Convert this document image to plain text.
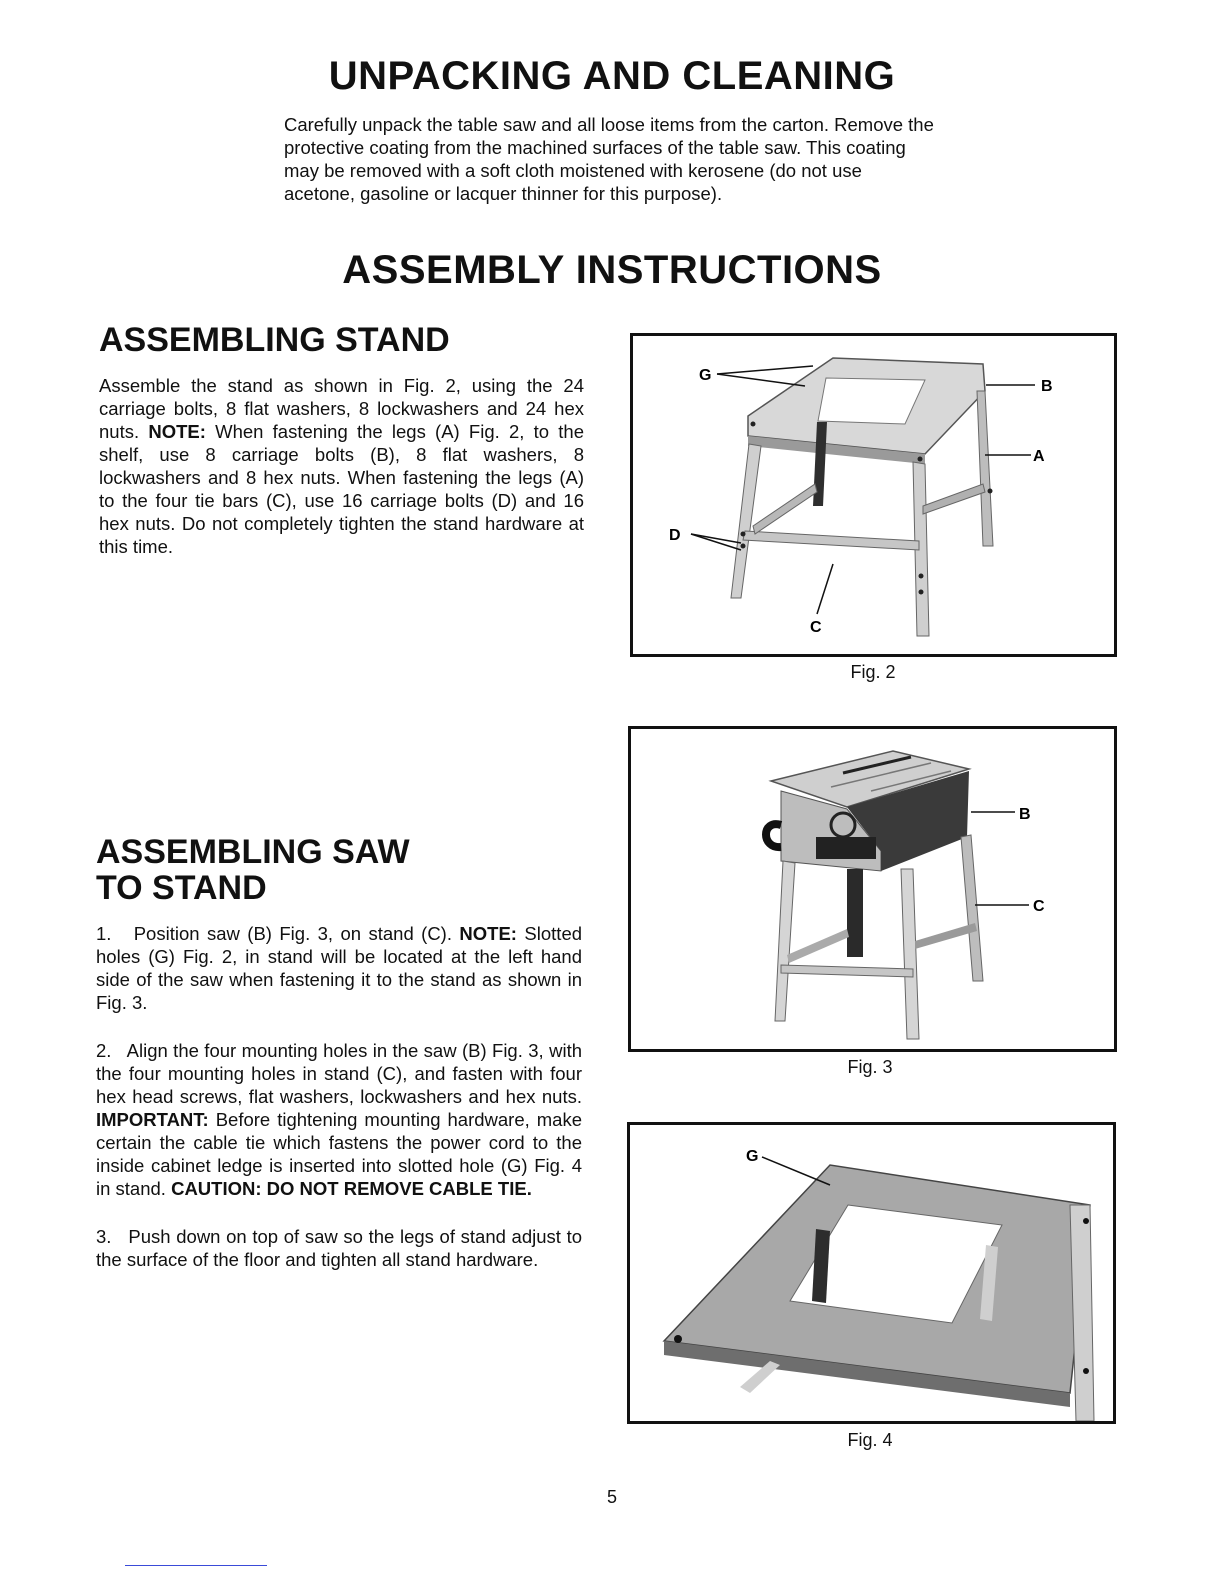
UNPACKING AND CLEANING

Carefully unpack the table saw and all loose items from the carton. Remove the protective coating from the machined surfaces of the table saw. This coating may be removed with a soft cloth moistened with kerosene (do not use acetone, gasoline or lacquer thinner for this purpose).

ASSEMBLY INSTRUCTIONS
ASSEMBLING STAND

Assemble the stand as shown in Fig. 2, using the 24 carriage bolts, 8 flat washers, 8 lockwashers and 24 hex nuts. NOTE: When fastening the legs (A) Fig. 2, to the shelf, use 8 carriage bolts (B), 8 flat washers, 8 lockwashers and 8 hex nuts. When fastening the legs (A) to the four tie bars (C), use 16 carriage bolts (D) and 16 hex nuts. Do not completely tighten the stand hardware at this time.

ASSEMBLING SAW
TO STAND

1. Position saw (B) Fig. 3, on stand (C). NOTE: Slotted holes (G) Fig. 2, in stand will be located at the left hand side of the saw when fastening it to the stand as shown in Fig. 3.

2. Align the four mounting holes in the saw (B) Fig. 3, with the four mounting holes in stand (C), and fasten with four hex head screws, flat washers, lockwashers and hex nuts. IMPORTANT: Before tightening mounting hardware, make certain the cable tie which fastens the power cord to the inside cabinet ledge is inserted into slotted hole (G) Fig. 4 in stand. CAUTION: DO NOT REMOVE CABLE TIE.

3. Push down on top of saw so the legs of stand adjust to the surface of the floor and tighten all stand hardware.

G
B
A
D
C
Fig. 2
B
C
Fig. 3
G
Fig. 4
5
